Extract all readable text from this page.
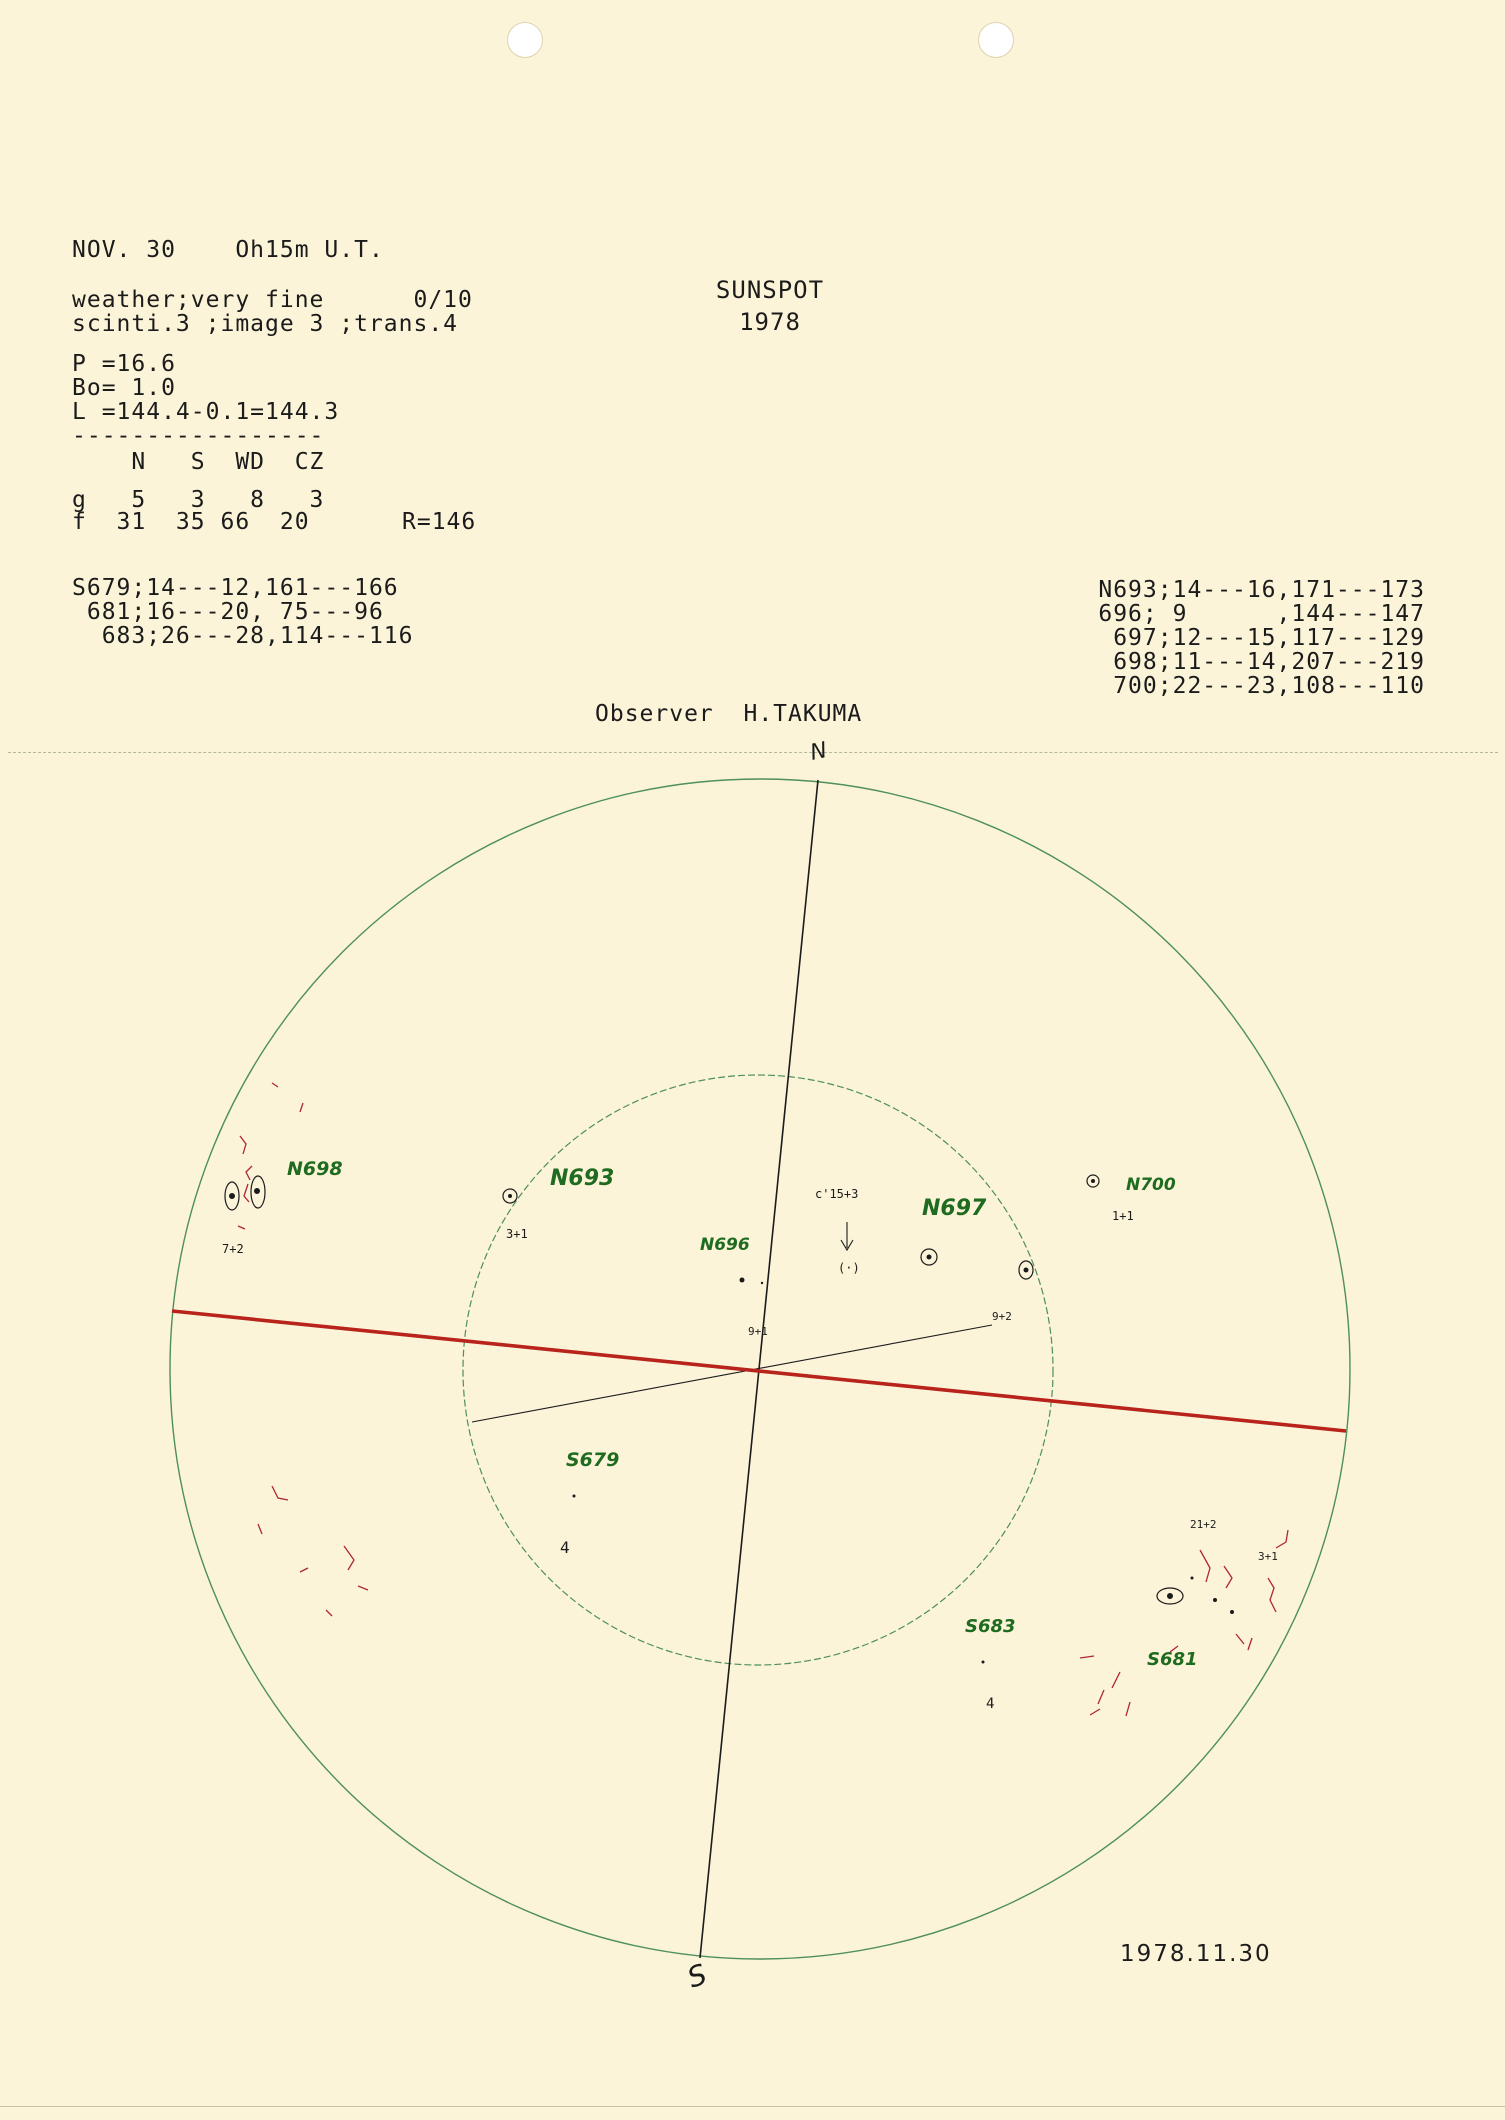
NOV. 30    Oh15m U.T.
weather;very fine      0/10
scinti.3 ;image 3 ;trans.4
P =16.6
Bo= 1.0
L =144.4-0.1=144.3
-----------------
N   S  WD  CZ
g   5   3   8   3
f  31  35 66  20	R=146
SUNSPOT
1978
S679;14---12,161---166
681;16---20, 75---96
683;26---28,114---116
N693;14---16,171---173
696; 9      ,144---147
697;12---15,117---129
698;11---14,207---219
700;22---23,108---110
Observer  H.TAKUMA
N
S
N698
7+2
N693
3+1
N696
9+1
9+2
c'15+3
(·)
N697
N700
1+1
S679
4
S683
4
21+2
3+1
S681
1978.11.30
